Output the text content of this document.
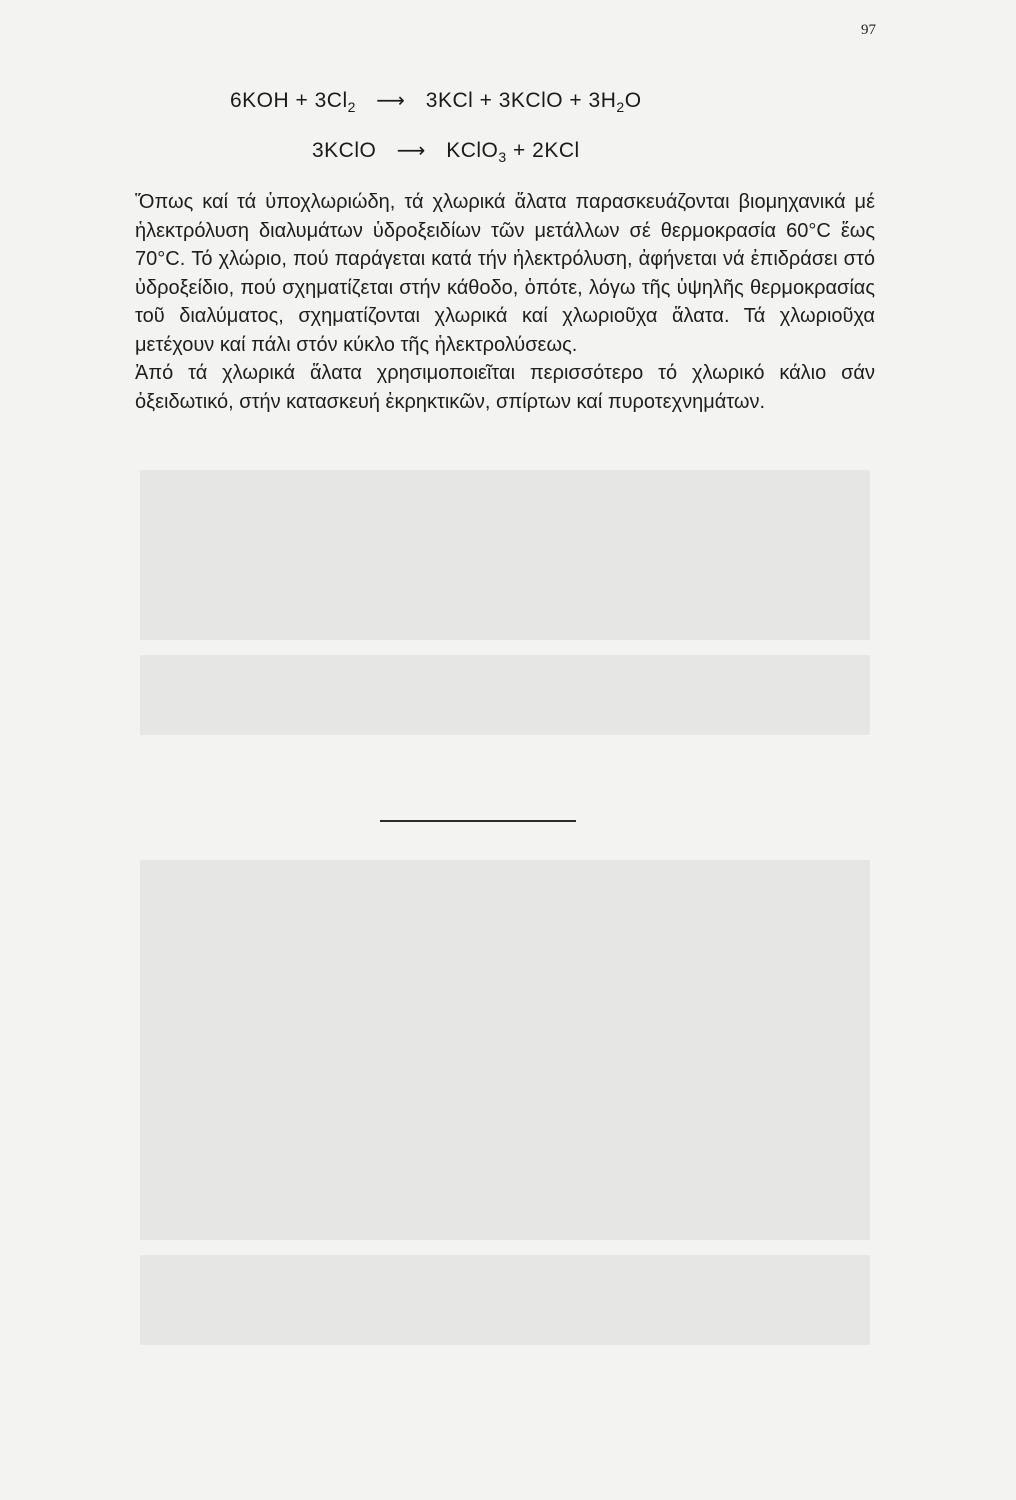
97
$6KOH + 3Cl_2$ ⟶ 3KCl + 3KClO + $3H_2O$
3KClO ⟶ KClO$_3$ + 2KCl

Ὅπως καί τά ὑποχλωριώδη, τά χλωρικά ἅλατα παρασκευάζονται βιομηχανικά μέ ἡλεκτρόλυση διαλυμάτων ὑδροξειδίων τῶν μετάλλων σέ θερμοκρασία 60°C ἕως 70°C. Τό χλώριο, πού παράγεται κατά τήν ἡλεκτρόλυση, ἀφήνεται νά ἐπιδράσει στό ὑδροξείδιο, πού σχηματίζεται στήν κάθοδο, ὁπότε, λόγω τῆς ὑψηλῆς θερμοκρασίας τοῦ διαλύματος, σχηματίζονται χλωρικά καί χλωριοῦχα ἅλατα. Τά χλωριοῦχα μετέχουν καί πάλι στόν κύκλο τῆς ἡλεκτρολύσεως.

Ἀπό τά χλωρικά ἅλατα χρησιμοποιεῖται περισσότερο τό χλωρικό κάλιο σάν ὀξειδωτικό, στήν κατασκευή ἐκρηκτικῶν, σπίρτων καί πυροτεχνημάτων.
